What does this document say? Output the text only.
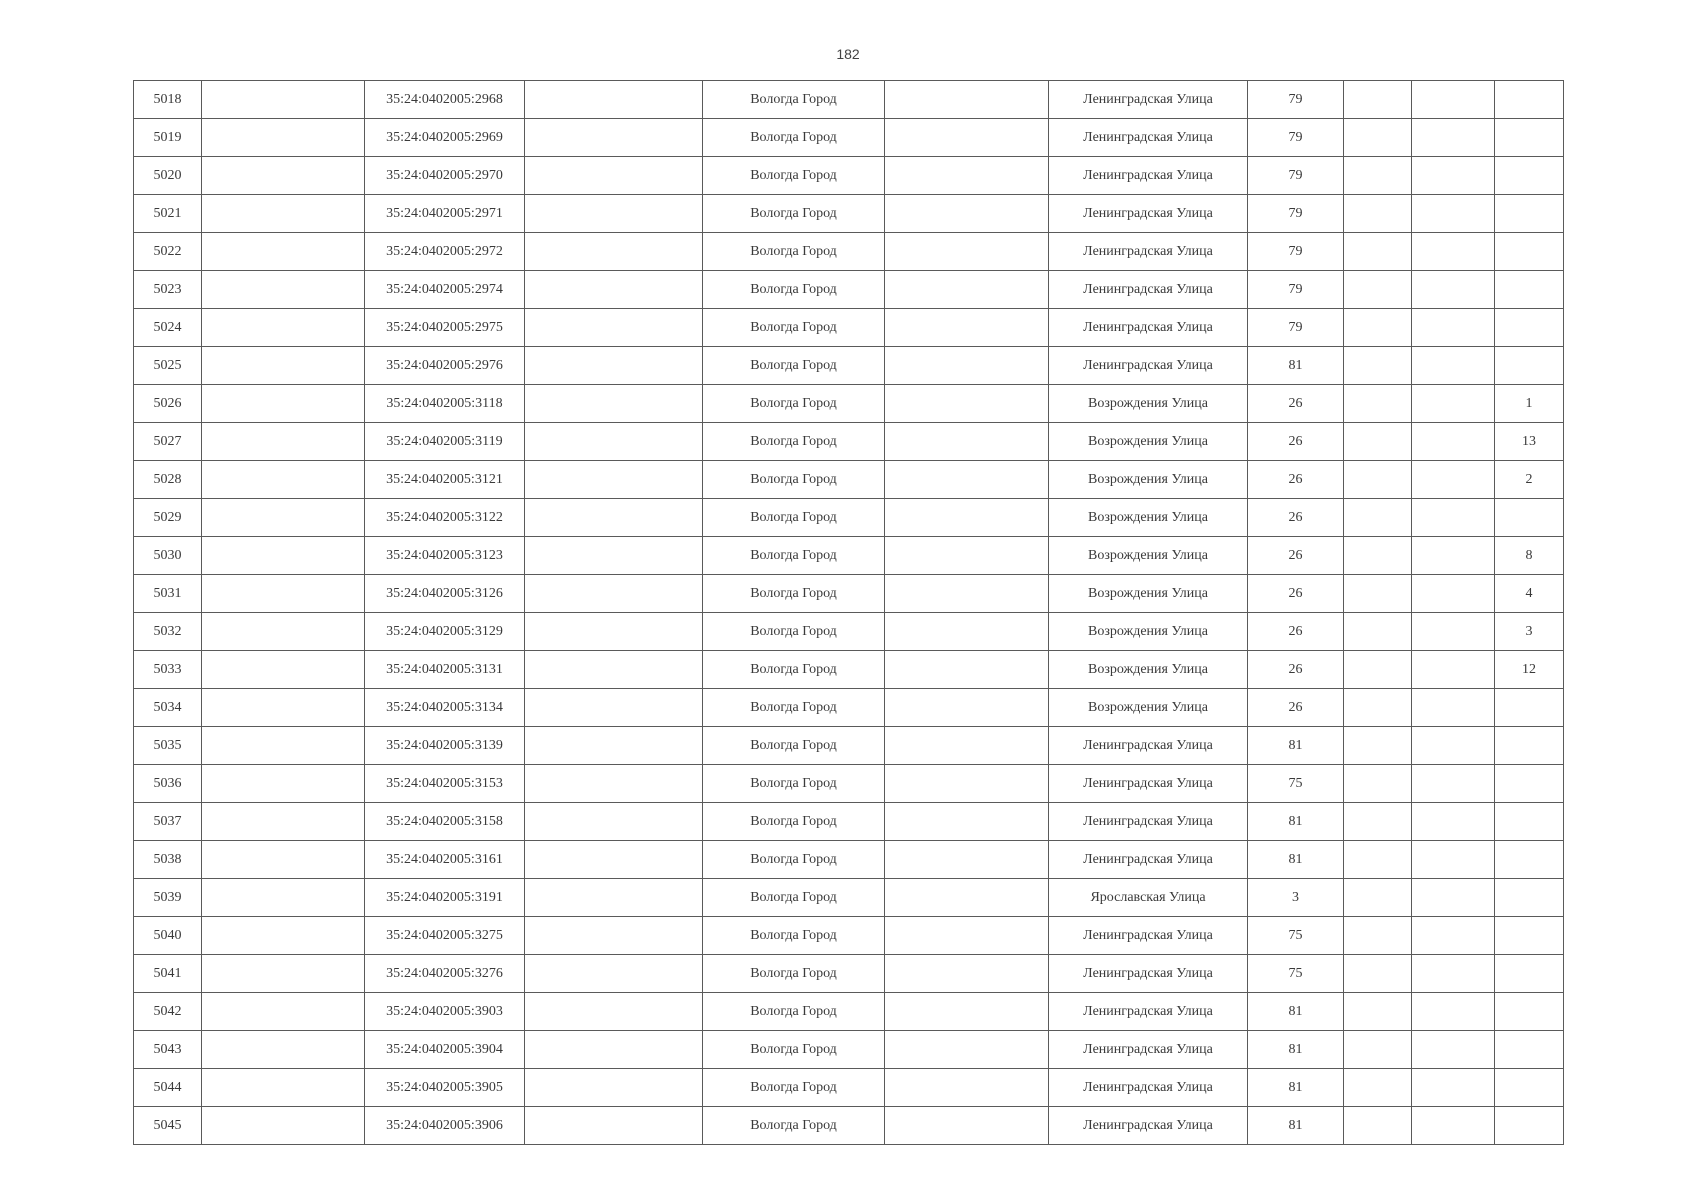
182
5018		35:24:0402005:2968		Вологда Город		Ленинградская Улица	79			
5019		35:24:0402005:2969		Вологда Город		Ленинградская Улица	79			
5020		35:24:0402005:2970		Вологда Город		Ленинградская Улица	79			
5021		35:24:0402005:2971		Вологда Город		Ленинградская Улица	79			
5022		35:24:0402005:2972		Вологда Город		Ленинградская Улица	79			
5023		35:24:0402005:2974		Вологда Город		Ленинградская Улица	79			
5024		35:24:0402005:2975		Вологда Город		Ленинградская Улица	79			
5025		35:24:0402005:2976		Вологда Город		Ленинградская Улица	81			
5026		35:24:0402005:3118		Вологда Город		Возрождения Улица	26			1
5027		35:24:0402005:3119		Вологда Город		Возрождения Улица	26			13
5028		35:24:0402005:3121		Вологда Город		Возрождения Улица	26			2
5029		35:24:0402005:3122		Вологда Город		Возрождения Улица	26			
5030		35:24:0402005:3123		Вологда Город		Возрождения Улица	26			8
5031		35:24:0402005:3126		Вологда Город		Возрождения Улица	26			4
5032		35:24:0402005:3129		Вологда Город		Возрождения Улица	26			3
5033		35:24:0402005:3131		Вологда Город		Возрождения Улица	26			12
5034		35:24:0402005:3134		Вологда Город		Возрождения Улица	26			
5035		35:24:0402005:3139		Вологда Город		Ленинградская Улица	81			
5036		35:24:0402005:3153		Вологда Город		Ленинградская Улица	75			
5037		35:24:0402005:3158		Вологда Город		Ленинградская Улица	81			
5038		35:24:0402005:3161		Вологда Город		Ленинградская Улица	81			
5039		35:24:0402005:3191		Вологда Город		Ярославская Улица	3			
5040		35:24:0402005:3275		Вологда Город		Ленинградская Улица	75			
5041		35:24:0402005:3276		Вологда Город		Ленинградская Улица	75			
5042		35:24:0402005:3903		Вологда Город		Ленинградская Улица	81			
5043		35:24:0402005:3904		Вологда Город		Ленинградская Улица	81			
5044		35:24:0402005:3905		Вологда Город		Ленинградская Улица	81			
5045		35:24:0402005:3906		Вологда Город		Ленинградская Улица	81			
